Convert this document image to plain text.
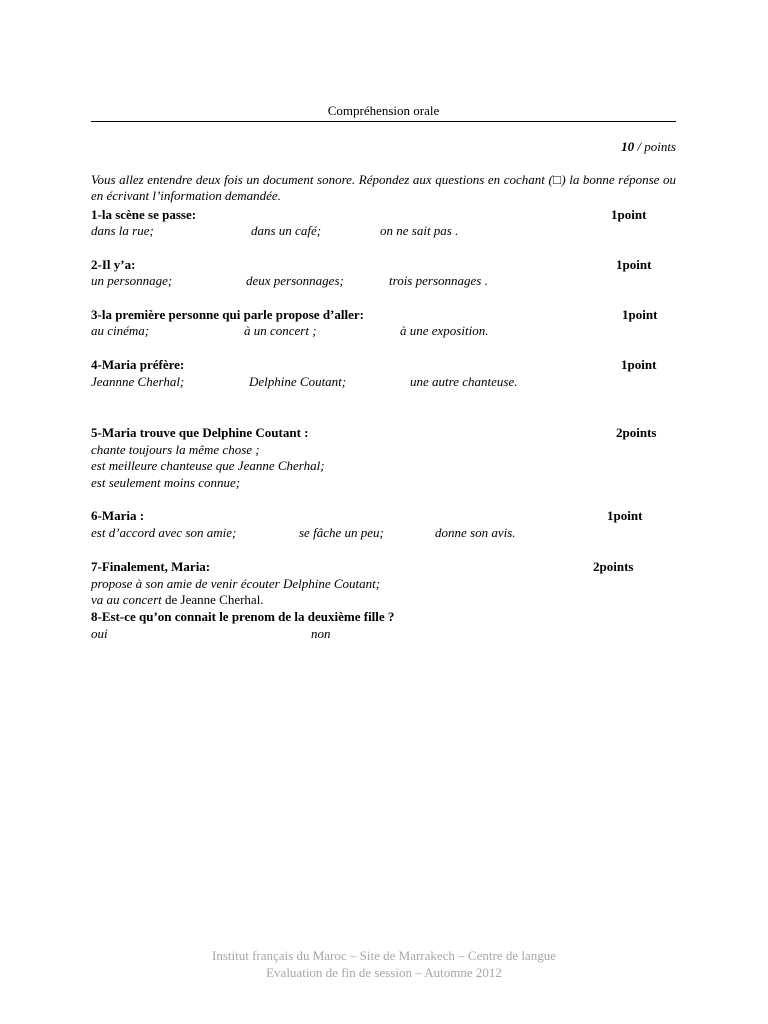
Compréhension orale
10 / points
Vous allez entendre deux fois un document sonore. Répondez aux questions en cochant (□) la bonne réponse ou en écrivant l’information demandée.
1-la scène se passe:	1point
dans la rue;	dans un café;	on ne sait pas .
2-Il y’a:	1point
un personnage;	deux personnages;	trois personnages .
3-la première personne qui parle propose d’aller:	1point
au cinéma;	à un concert ;	à une exposition.
4-Maria préfère:	1point
Jeannne Cherhal;	Delphine Coutant;	une autre chanteuse.
5-Maria trouve que Delphine Coutant :	2points
chante toujours la même chose ;
est meilleure chanteuse que Jeanne Cherhal;
est seulement moins connue;
6-Maria :	1point
est d’accord avec son amie;	se fâche un peu;	donne son avis.
7-Finalement, Maria:	2points
propose à son amie de venir écouter Delphine Coutant;
va au concert de Jeanne Cherhal.
8-Est-ce qu’on connait le prenom de la deuxième fille ?
oui	non
Institut français du Maroc – Site de Marrakech – Centre de langue
Evaluation de fin de session – Automne 2012
